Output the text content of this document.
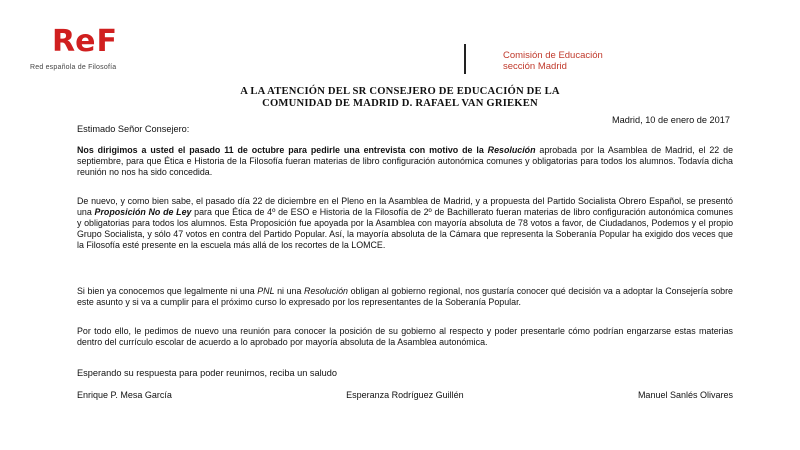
ReF
Red española de Filosofía
Comisión de Educación
sección Madrid
A LA ATENCIÓN DEL SR CONSEJERO DE EDUCACIÓN DE LA
COMUNIDAD DE MADRID D. RAFAEL VAN GRIEKEN
Madrid, 10 de enero de 2017
Estimado Señor Consejero:

Nos dirigimos a usted el pasado 11 de octubre para pedirle una entrevista con motivo de la Resolución aprobada por la Asamblea de Madrid, el 22 de septiembre, para que Ética e Historia de la Filosofía fueran materias de libro configuración autonómica comunes y obligatorias para todos los alumnos. Todavía dicha reunión no nos ha sido concedida.

De nuevo, y como bien sabe, el pasado día 22 de diciembre en el Pleno en la Asamblea de Madrid, y a propuesta del Partido Socialista Obrero Español, se presentó una Proposición No de Ley para que Ética de 4º de ESO e Historia de la Filosofía de 2º de Bachillerato fueran materias de libro configuración autonómica comunes y obligatorias para todos los alumnos. Esta Proposición fue apoyada por la Asamblea con mayoría absoluta de 78 votos a favor, de Ciudadanos, Podemos y el propio Grupo Socialista, y sólo 47 votos en contra del Partido Popular. Así, la mayoría absoluta de la Cámara que representa la Soberanía Popular ha exigido dos veces que la Filosofía esté presente en la escuela más allá de los recortes de la LOMCE.

Si bien ya conocemos que legalmente ni una PNL ni una Resolución obligan al gobierno regional, nos gustaría conocer qué decisión va a adoptar la Consejería sobre este asunto y si va a cumplir para el próximo curso lo expresado por los representantes de la Soberanía Popular.

Por todo ello, le pedimos de nuevo una reunión para conocer la posición de su gobierno al respecto y poder presentarle cómo podrían engarzarse estas materias dentro del currículo escolar de acuerdo a lo aprobado por mayoría absoluta de la Asamblea autonómica.

Esperando su respuesta para poder reunirnos, reciba un saludo
Enrique P. Mesa García	Esperanza Rodríguez Guillén	Manuel Sanlés Olivares
